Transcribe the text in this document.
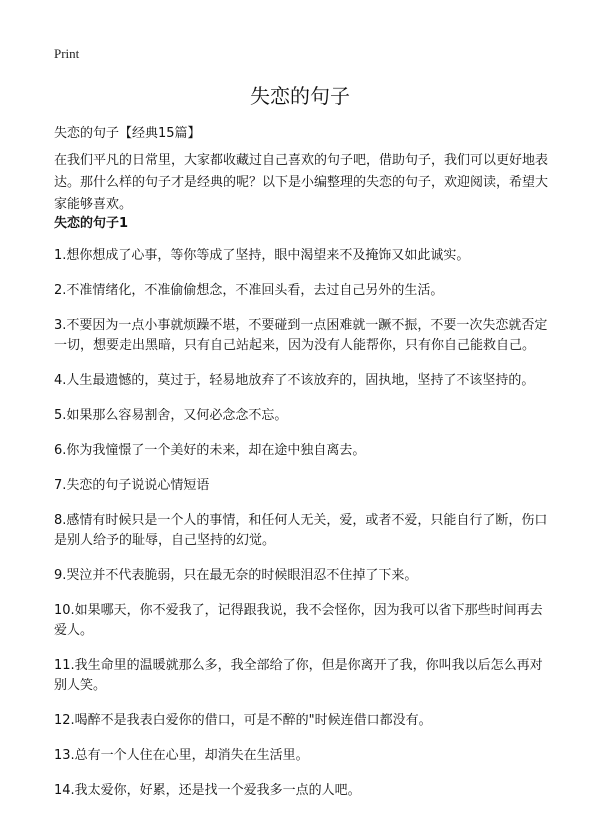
Print
失恋的句子
失恋的句子【经典15篇】

在我们平凡的日常里，大家都收藏过自己喜欢的句子吧，借助句子，我们可以更好地表达。那什么样的句子才是经典的呢？以下是小编整理的失恋的句子，欢迎阅读，希望大家能够喜欢。

失恋的句子1
1.想你想成了心事，等你等成了坚持，眼中渴望来不及掩饰又如此诚实。
2.不准情绪化，不准偷偷想念，不准回头看，去过自己另外的生活。
3.不要因为一点小事就烦躁不堪，不要碰到一点困难就一蹶不振，不要一次失恋就否定一切，想要走出黑暗，只有自己站起来，因为没有人能帮你，只有你自己能救自己。
4.人生最遗憾的，莫过于，轻易地放弃了不该放弃的，固执地，坚持了不该坚持的。
5.如果那么容易割舍，又何必念念不忘。
6.你为我憧憬了一个美好的未来，却在途中独自离去。
7.失恋的句子说说心情短语
8.感情有时候只是一个人的事情，和任何人无关，爱，或者不爱，只能自行了断，伤口是别人给予的耻辱，自己坚持的幻觉。
9.哭泣并不代表脆弱，只在最无奈的时候眼泪忍不住掉了下来。
10.如果哪天，你不爱我了，记得跟我说，我不会怪你，因为我可以省下那些时间再去爱人。
11.我生命里的温暖就那么多，我全部给了你，但是你离开了我，你叫我以后怎么再对别人笑。
12.喝醉不是我表白爱你的借口，可是不醉的"时候连借口都没有。
13.总有一个人住在心里，却消失在生活里。
14.我太爱你，好累，还是找一个爱我多一点的人吧。
